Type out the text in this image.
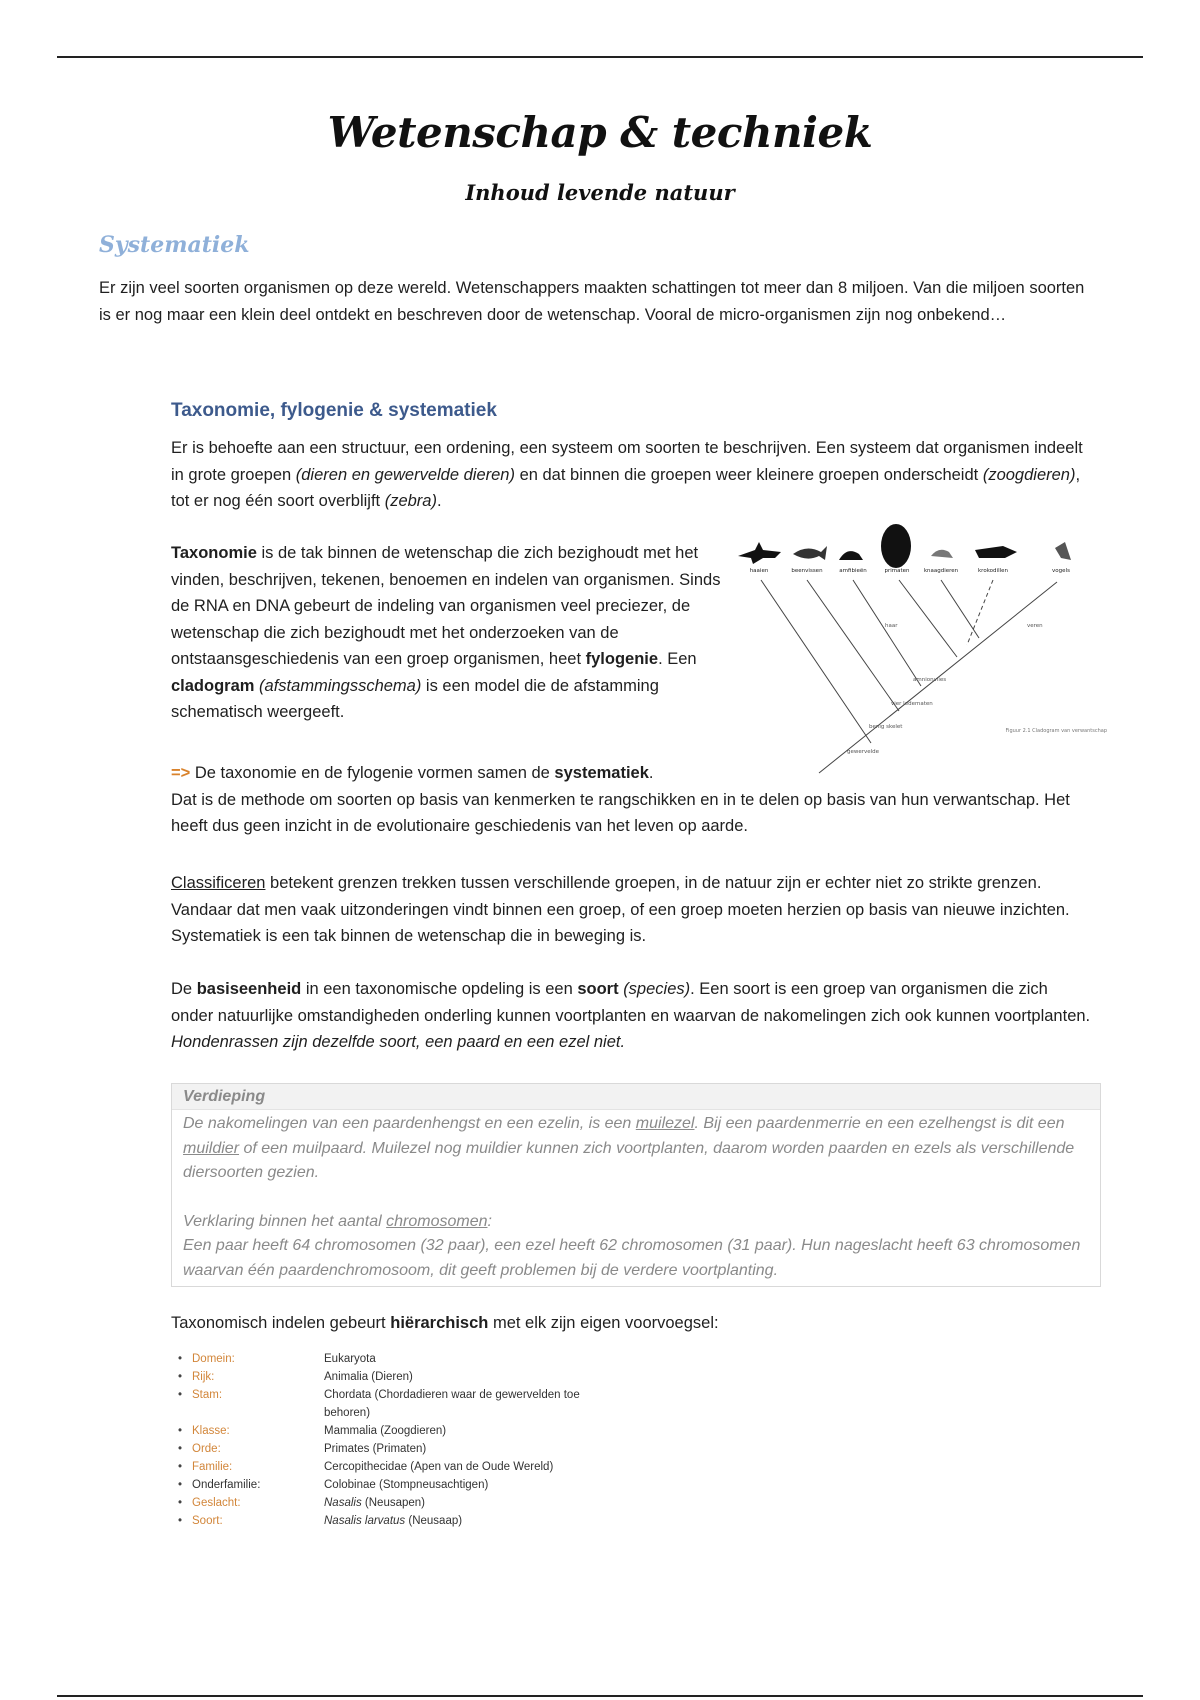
Wetenschap & techniek
Inhoud levende natuur
Systematiek
Er zijn veel soorten organismen op deze wereld. Wetenschappers maakten schattingen tot meer dan 8 miljoen. Van die miljoen soorten is er nog maar een klein deel ontdekt en beschreven door de wetenschap. Vooral de micro-organismen zijn nog onbekend…
Taxonomie, fylogenie & systematiek
Er is behoefte aan een structuur, een ordening, een systeem om soorten te beschrijven. Een systeem dat organismen indeelt in grote groepen (dieren en gewervelde dieren) en dat binnen die groepen weer kleinere groepen onderscheidt (zoogdieren), tot er nog één soort overblijft (zebra).
Taxonomie is de tak binnen de wetenschap die zich bezighoudt met het vinden, beschrijven, tekenen, benoemen en indelen van organismen. Sinds de RNA en DNA gebeurt de indeling van organismen veel preciezer, de wetenschap die zich bezighoudt met het onderzoeken van de ontstaansgeschiedenis van een groep organismen, heet fylogenie. Een cladogram (afstammingsschema) is een model die de afstamming schematisch weergeeft.
haaien	beenvissen	amfibieën	primaten	knaagdieren	krokodillen	vogels
haar
amnionvlies
vier ledematen
benig skelet
gewervelde
veren
Figuur 2.1 Cladogram van verwantschap
=> De taxonomie en de fylogenie vormen samen de systematiek.
Dat is de methode om soorten op basis van kenmerken te rangschikken en in te delen op basis van hun verwantschap. Het heeft dus geen inzicht in de evolutionaire geschiedenis van het leven op aarde.
Classificeren betekent grenzen trekken tussen verschillende groepen, in de natuur zijn er echter niet zo strikte grenzen. Vandaar dat men vaak uitzonderingen vindt binnen een groep, of een groep moeten herzien op basis van nieuwe inzichten. Systematiek is een tak binnen de wetenschap die in beweging is.
De basiseenheid in een taxonomische opdeling is een soort (species). Een soort is een groep van organismen die zich onder natuurlijke omstandigheden onderling kunnen voortplanten en waarvan de nakomelingen zich ook kunnen voortplanten. Hondenrassen zijn dezelfde soort, een paard en een ezel niet.
Verdieping

De nakomelingen van een paardenhengst en een ezelin, is een muilezel. Bij een paardenmerrie en een ezelhengst is dit een muildier of een muilpaard. Muilezel nog muildier kunnen zich voortplanten, daarom worden paarden en ezels als verschillende diersoorten gezien.

Verklaring binnen het aantal chromosomen:

Een paar heeft 64 chromosomen (32 paar), een ezel heeft 62 chromosomen (31 paar). Hun nageslacht heeft 63 chromosomen waarvan één paardenchromosoom, dit geeft problemen bij de verdere voortplanting.

Taxonomisch indelen gebeurt hiërarchisch met elk zijn eigen voorvoegsel:
• Domein:	Eukaryota
• Rijk:	Animalia (Dieren)
• Stam:	Chordata (Chordadieren waar de gewervelden toe
behoren)
• Klasse:	Mammalia (Zoogdieren)
• Orde:	Primates (Primaten)
• Familie:	Cercopithecidae (Apen van de Oude Wereld)
• Onderfamilie:	Colobinae (Stompneusachtigen)
• Geslacht:	Nasalis (Neusapen)
• Soort:	Nasalis larvatus (Neusaap)
